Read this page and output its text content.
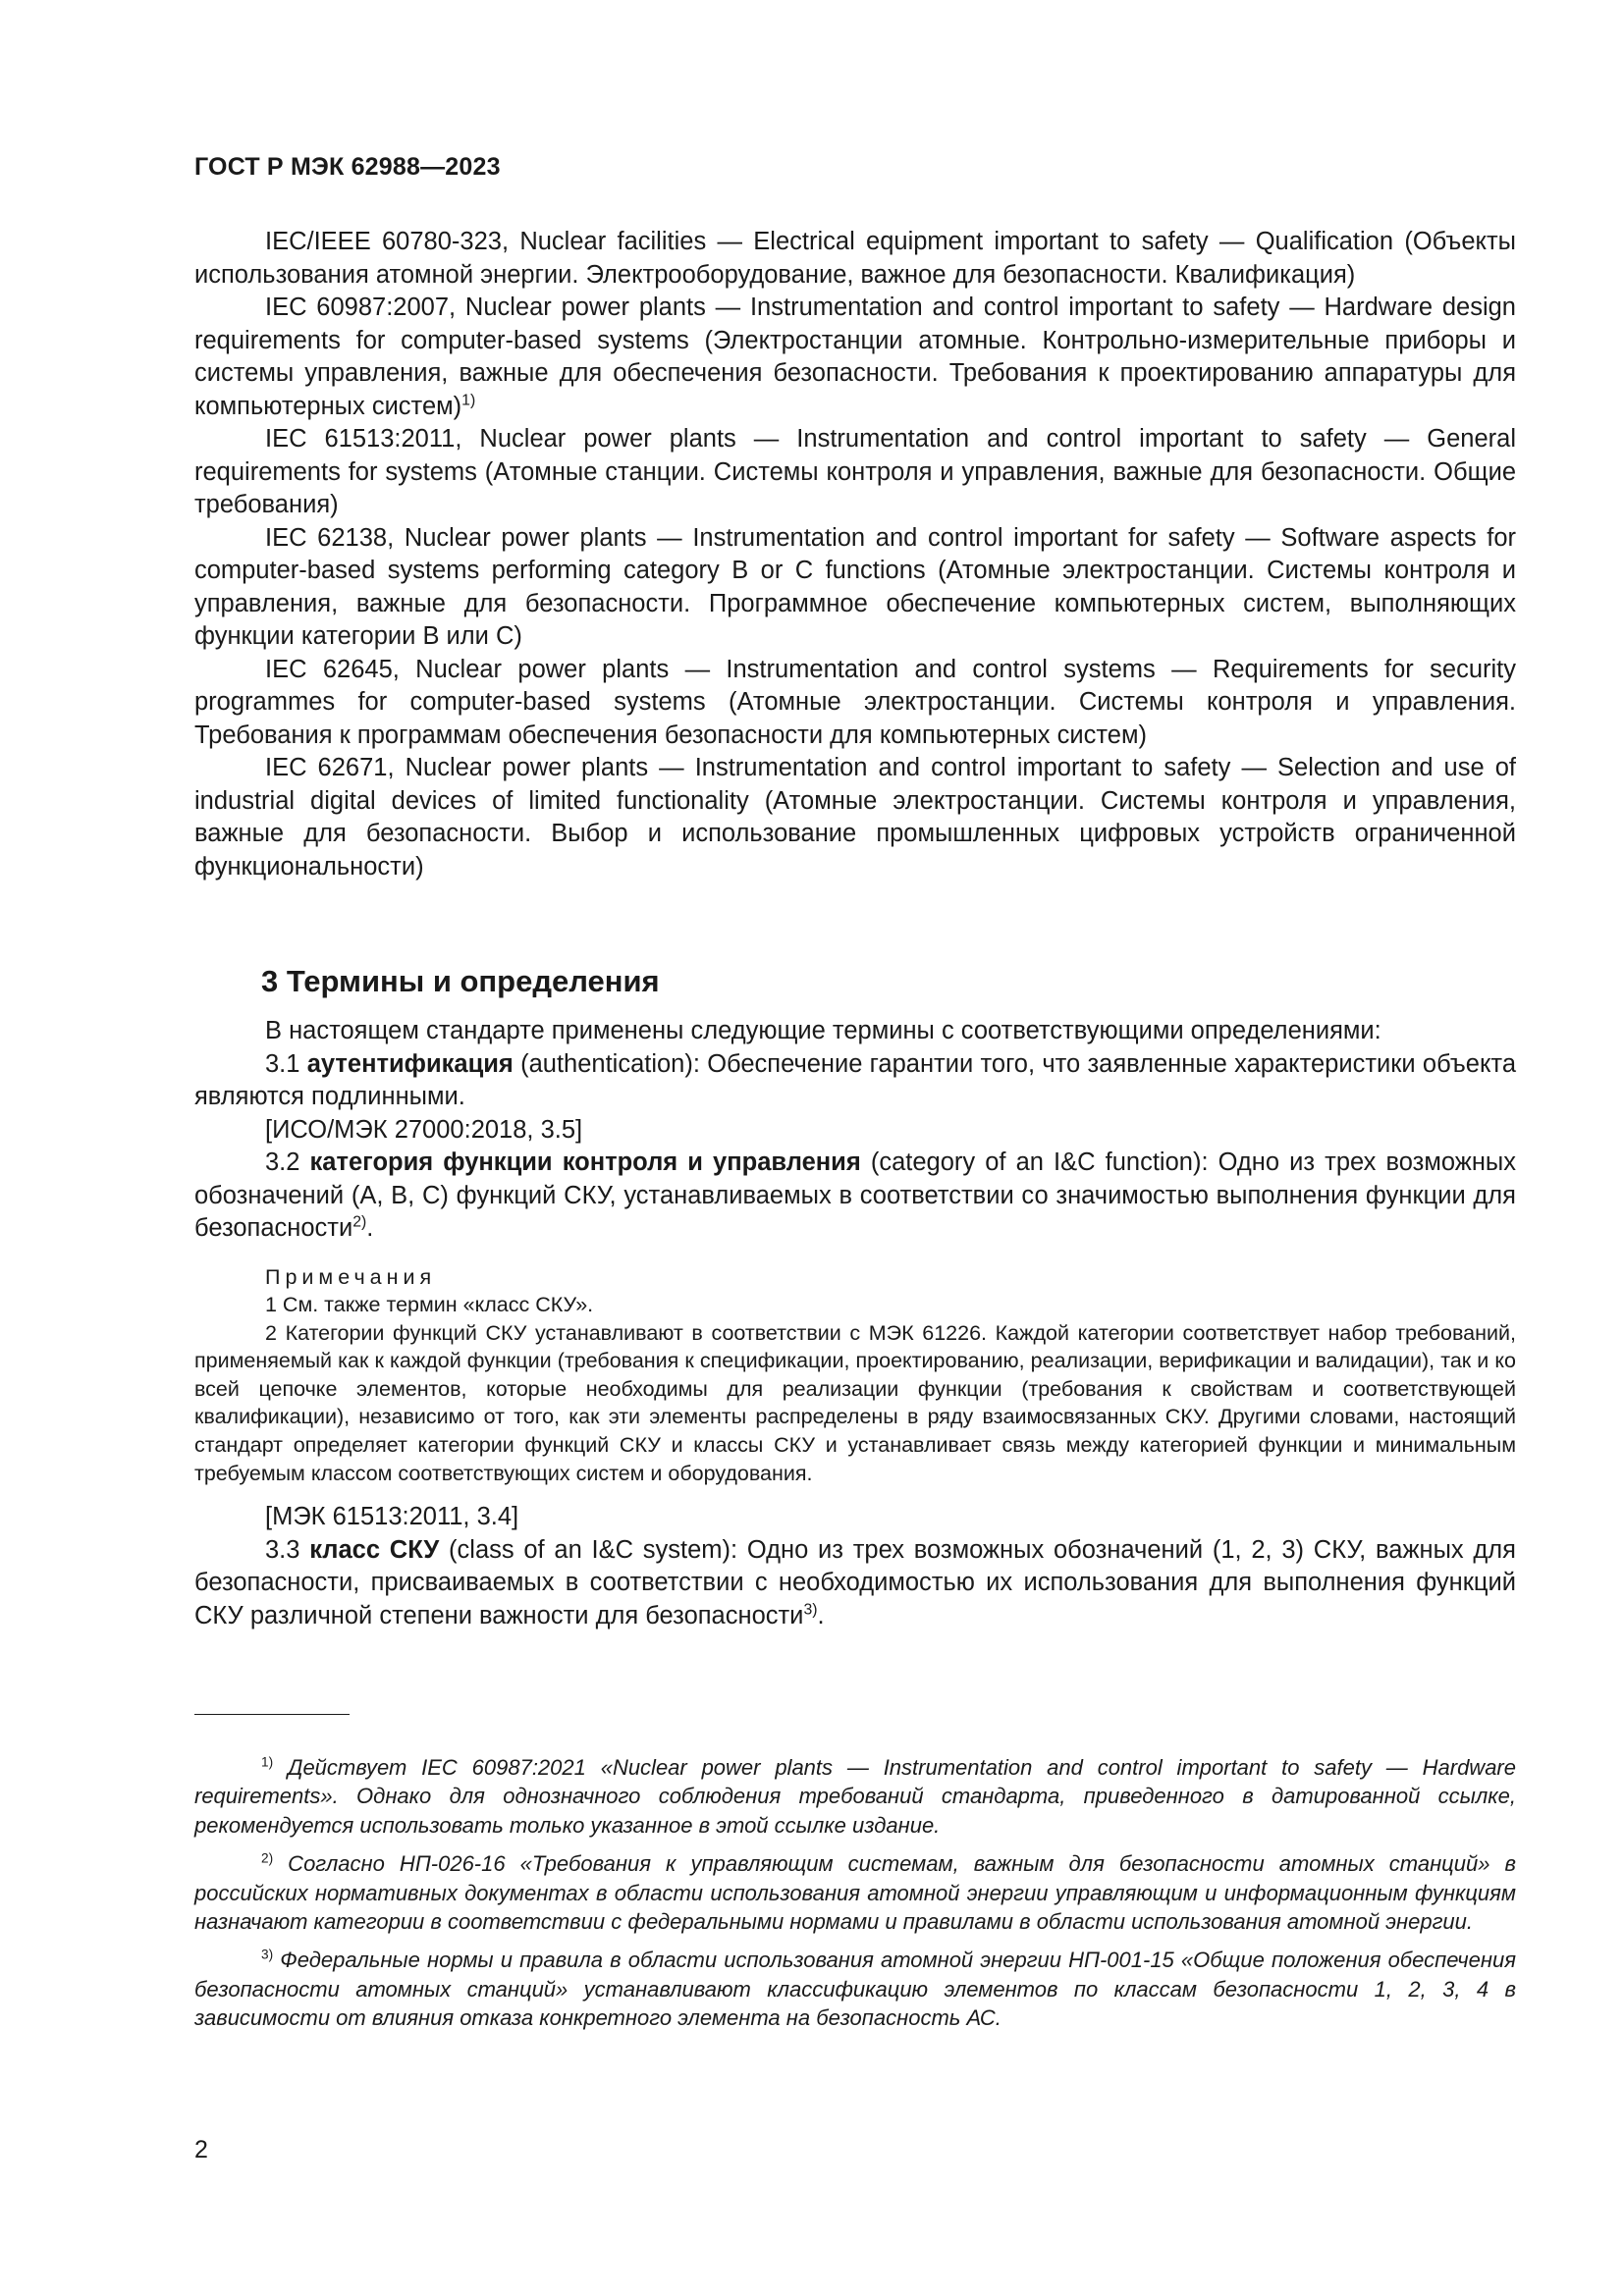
ГОСТ Р МЭК 62988—2023

IEC/IEEE 60780-323, Nuclear facilities — Electrical equipment important to safety — Qualification (Объекты использования атомной энергии. Электрооборудование, важное для безопасности. Квалификация)

IEC 60987:2007, Nuclear power plants — Instrumentation and control important to safety — Hardware design requirements for computer-based systems (Электростанции атомные. Контрольно-измерительные приборы и системы управления, важные для обеспечения безопасности. Требования к проектированию аппаратуры для компьютерных систем)$^{1)}$

IEC 61513:2011, Nuclear power plants — Instrumentation and control important to safety — General requirements for systems (Атомные станции. Системы контроля и управления, важные для безопасности. Общие требования)

IEC 62138, Nuclear power plants — Instrumentation and control important for safety — Software aspects for computer-based systems performing category B or C functions (Атомные электростанции. Системы контроля и управления, важные для безопасности. Программное обеспечение компьютерных систем, выполняющих функции категории B или C)

IEC 62645, Nuclear power plants — Instrumentation and control systems — Requirements for security programmes for computer-based systems (Атомные электростанции. Системы контроля и управления. Требования к программам обеспечения безопасности для компьютерных систем)

IEC 62671, Nuclear power plants — Instrumentation and control important to safety — Selection and use of industrial digital devices of limited functionality (Атомные электростанции. Системы контроля и управления, важные для безопасности. Выбор и использование промышленных цифровых устройств ограниченной функциональности)

3 Термины и определения

В настоящем стандарте применены следующие термины с соответствующими определениями:

3.1 аутентификация (authentication): Обеспечение гарантии того, что заявленные характеристики объекта являются подлинными.

[ИСО/МЭК 27000:2018, 3.5]

3.2 категория функции контроля и управления (category of an I&C function): Одно из трех возможных обозначений (A, B, C) функций СКУ, устанавливаемых в соответствии со значимостью выполнения функции для безопасности$^{2)}$.

Примечания

1 См. также термин «класс СКУ».

2 Категории функций СКУ устанавливают в соответствии с МЭК 61226. Каждой категории соответствует набор требований, применяемый как к каждой функции (требования к спецификации, проектированию, реализации, верификации и валидации), так и ко всей цепочке элементов, которые необходимы для реализации функции (требования к свойствам и соответствующей квалификации), независимо от того, как эти элементы распределены в ряду взаимосвязанных СКУ. Другими словами, настоящий стандарт определяет категории функций СКУ и классы СКУ и устанавливает связь между категорией функции и минимальным требуемым классом соответствующих систем и оборудования.

[МЭК 61513:2011, 3.4]

3.3 класс СКУ (class of an I&C system): Одно из трех возможных обозначений (1, 2, 3) СКУ, важных для безопасности, присваиваемых в соответствии с необходимостью их использования для выполнения функций СКУ различной степени важности для безопасности$^{3)}$.

$^{1)}$ Действует IEC 60987:2021 «Nuclear power plants — Instrumentation and control important to safety — Hardware requirements». Однако для однозначного соблюдения требований стандарта, приведенного в датированной ссылке, рекомендуется использовать только указанное в этой ссылке издание.

$^{2)}$ Согласно НП-026-16 «Требования к управляющим системам, важным для безопасности атомных станций» в российских нормативных документах в области использования атомной энергии управляющим и информационным функциям назначают категории в соответствии с федеральными нормами и правилами в области использования атомной энергии.

$^{3)}$ Федеральные нормы и правила в области использования атомной энергии НП-001-15 «Общие положения обеспечения безопасности атомных станций» устанавливают классификацию элементов по классам безопасности 1, 2, 3, 4 в зависимости от влияния отказа конкретного элемента на безопасность АС.

2
